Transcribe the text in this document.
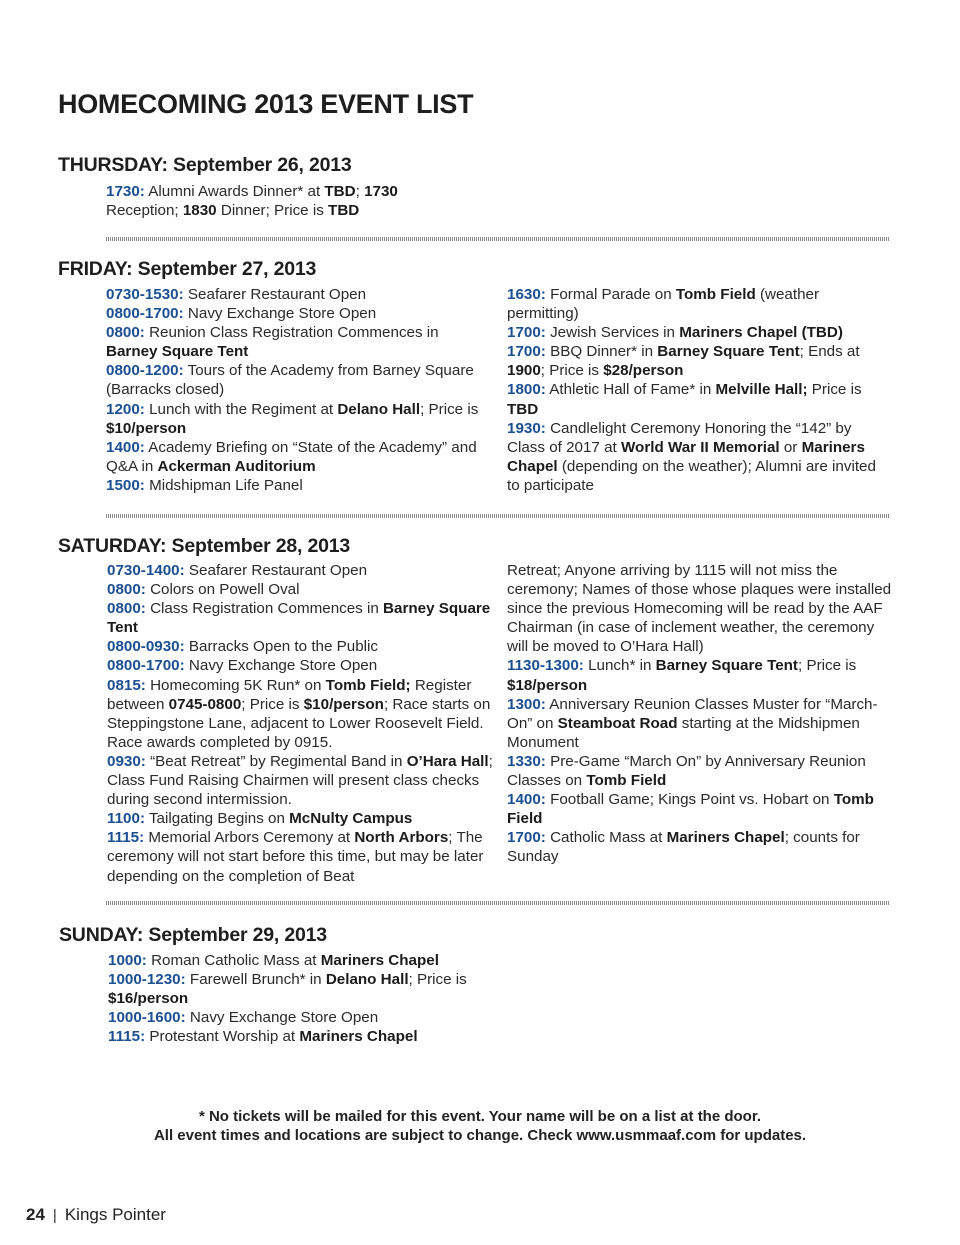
HOMECOMING 2013 EVENT LIST
THURSDAY: September 26, 2013

1730: Alumni Awards Dinner* at TBD; 1730 Reception; 1830 Dinner; Price is TBD

FRIDAY: September 27, 2013

0730-1530: Seafarer Restaurant Open

0800-1700: Navy Exchange Store Open

0800: Reunion Class Registration Commences in Barney Square Tent

0800-1200: Tours of the Academy from Barney Square (Barracks closed)

1200: Lunch with the Regiment at Delano Hall; Price is $10/person

1400: Academy Briefing on “State of the Academy” and Q&A in Ackerman Auditorium

1500: Midshipman Life Panel

1630: Formal Parade on Tomb Field (weather permitting)

1700: Jewish Services in Mariners Chapel (TBD)

1700: BBQ Dinner* in Barney Square Tent; Ends at 1900; Price is $28/person

1800: Athletic Hall of Fame* in Melville Hall; Price is TBD

1930: Candlelight Ceremony Honoring the “142” by Class of 2017 at World War II Memorial or Mariners Chapel (depending on the weather); Alumni are invited to participate

SATURDAY: September 28, 2013

0730-1400: Seafarer Restaurant Open

0800: Colors on Powell Oval

0800: Class Registration Commences in Barney Square Tent

0800-0930: Barracks Open to the Public

0800-1700: Navy Exchange Store Open

0815: Homecoming 5K Run* on Tomb Field; Register between 0745-0800; Price is $10/person; Race starts on Steppingstone Lane, adjacent to Lower Roosevelt Field. Race awards completed by 0915.

0930: “Beat Retreat” by Regimental Band in O’Hara Hall; Class Fund Raising Chairmen will present class checks during second intermission.

1100: Tailgating Begins on McNulty Campus

1115: Memorial Arbors Ceremony at North Arbors; The ceremony will not start before this time, but may be later depending on the completion of Beat

Retreat; Anyone arriving by 1115 will not miss the ceremony; Names of those whose plaques were installed since the previous Homecoming will be read by the AAF Chairman (in case of inclement weather, the ceremony will be moved to O’Hara Hall)

1130-1300: Lunch* in Barney Square Tent; Price is $18/person

1300: Anniversary Reunion Classes Muster for “March-On” on Steamboat Road starting at the Midshipmen Monument

1330: Pre-Game “March On” by Anniversary Reunion Classes on Tomb Field

1400: Football Game; Kings Point vs. Hobart on Tomb Field

1700: Catholic Mass at Mariners Chapel; counts for Sunday

SUNDAY: September 29, 2013

1000: Roman Catholic Mass at Mariners Chapel

1000-1230: Farewell Brunch* in Delano Hall; Price is $16/person

1000-1600: Navy Exchange Store Open

1115: Protestant Worship at Mariners Chapel

* No tickets will be mailed for this event. Your name will be on a list at the door.
All event times and locations are subject to change. Check www.usmmaaf.com for updates.
24 | Kings Pointer
